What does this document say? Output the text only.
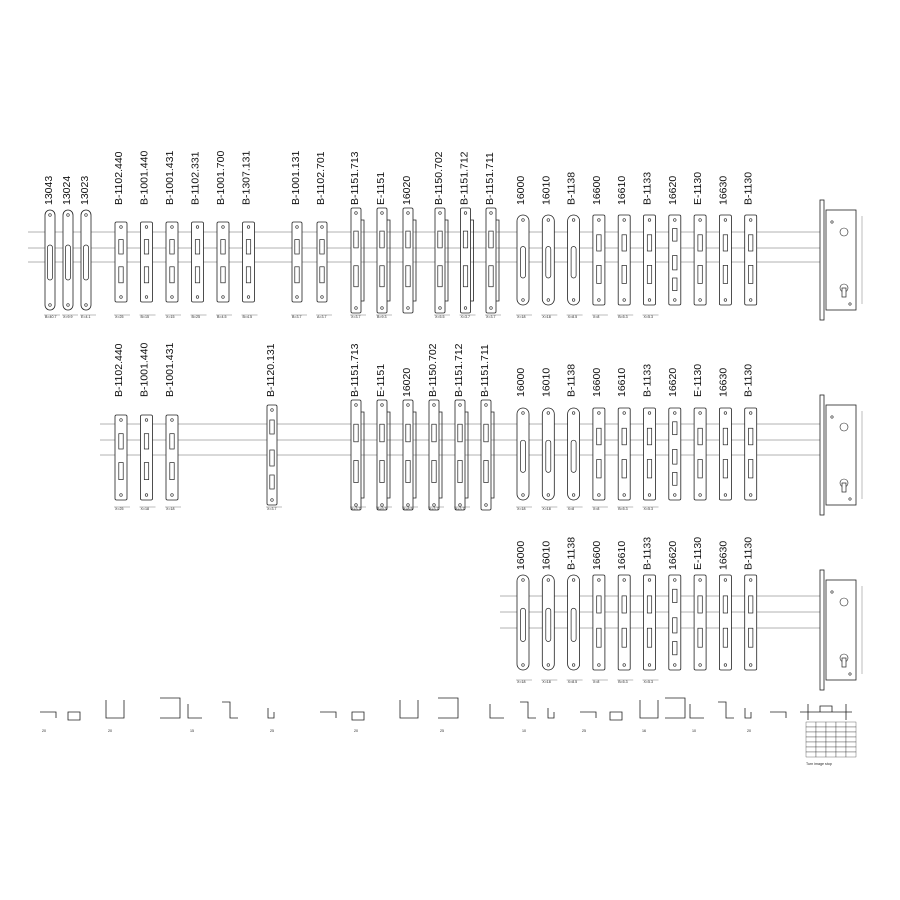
13043 13024 13023
B=40.7 X=9.9 E=4.1
B-1102.440 B-1001.440 B-1001.431 B-1102.331 B-1001.700 B-1307.131
X=25	B=15	X=15	B=25	B=4.5	B=4.5
B-1001.131 B-1102.701
B=3.7	A=3.7
B-1151.713 E-1151 16020
X=3.7	B=9.3
B-1150.702 B-1151.712 B-1151.711
X=5.5	X=3.7	X=3.7
16000 16010 B-1138 16600 16610 B-1133 16620 E-1130 16630 B-1130
X=18	X=18	X=8.5	X=8	B=5.3	X=5.3
B-1102.440 B-1001.440 B-1001.431
X=25	X=18	X=18
B-1120.131
X=3.7
B-1151.713 E-1151 16020 B-1150.702 B-1151.712 B-1151.711
X=3.7	B=9.3	X=8.5	X=3.7	X=3.7
16000 16010 B-1138 16600 16610 B-1133 16620 E-1130 16630 B-1130
X=18	X=18	X=8	X=8	B=5.3	X=5.3
16000 16010 B-1138 16600 16610 B-1133 16620 E-1130 16630 B-1130
X=18	X=18	X=8.5	X=8	B=5.3	X=5.3
20	20	15	25	20	25	10	25	16	10	20
Turn image stop
